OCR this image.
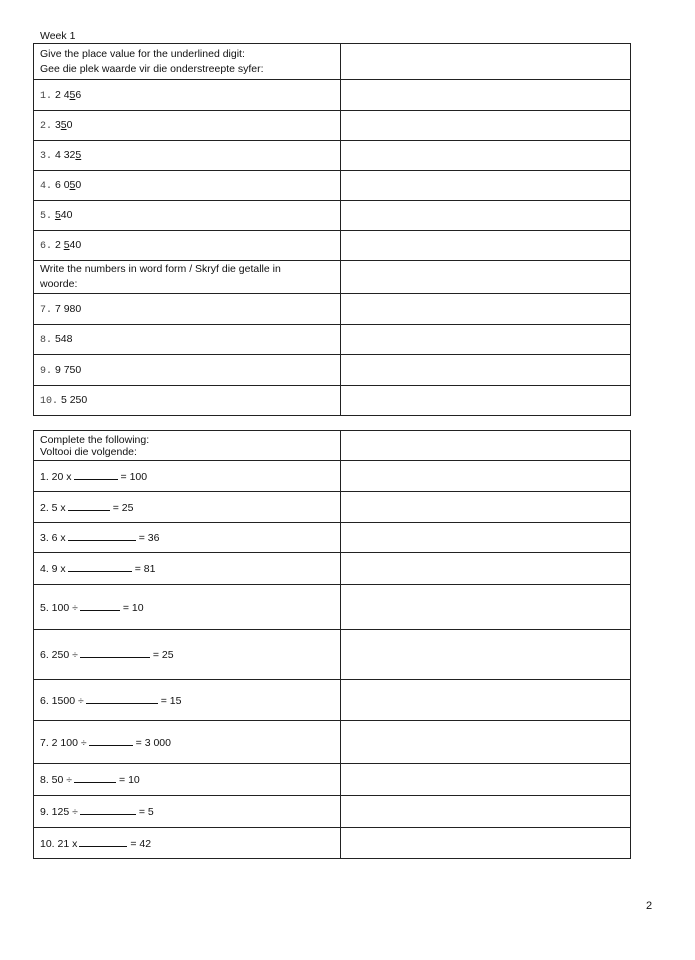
Week 1
Give the place value for the underlined digit:
Gee die plek waarde vir die onderstreepte syfer:	

1. 2 456	
2. 350	
3. 4 325	
4. 6 050	
5. 540	
6. 2 540	

Write the numbers in word form / Skryf die getalle in
woorde:	

7. 7 980	
8. 548	
9. 9 750	
10. 5 250	
Complete the following:
Voltooi die volgende:	

1. 20 x = 100	
2. 5 x = 25	
3. 6 x = 36	
4. 9 x = 81	
5. 100 ÷ = 10	
6. 250 ÷ = 25	
6. 1500 ÷ = 15	
7. 2 100 ÷ = 3 000	
8. 50 ÷ = 10	
9. 125 ÷ = 5	
10. 21 x = 42	
2
